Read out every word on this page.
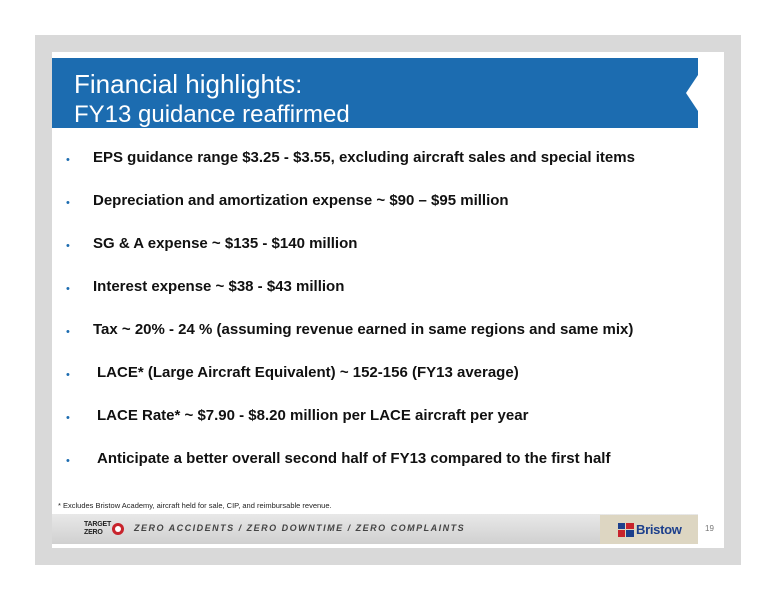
Financial highlights:
FY13 guidance reaffirmed
• EPS guidance range $3.25 - $3.55, excluding aircraft sales and special items
• Depreciation and amortization expense ~ $90 – $95 million
• SG & A expense ~ $135 - $140 million
• Interest expense ~ $38 - $43 million
• Tax ~ 20% - 24 % (assuming revenue earned in same regions and same mix)
• LACE* (Large Aircraft Equivalent) ~ 152-156 (FY13 average)
• LACE Rate* ~ $7.90 - $8.20 million per LACE aircraft per year
• Anticipate a better overall second half of FY13 compared to the first half
* Excludes Bristow Academy, aircraft held for sale, CIP, and reimbursable revenue.
TARGET
ZERO	ZERO ACCIDENTS / ZERO DOWNTIME / ZERO COMPLAINTS	Bristow	19
